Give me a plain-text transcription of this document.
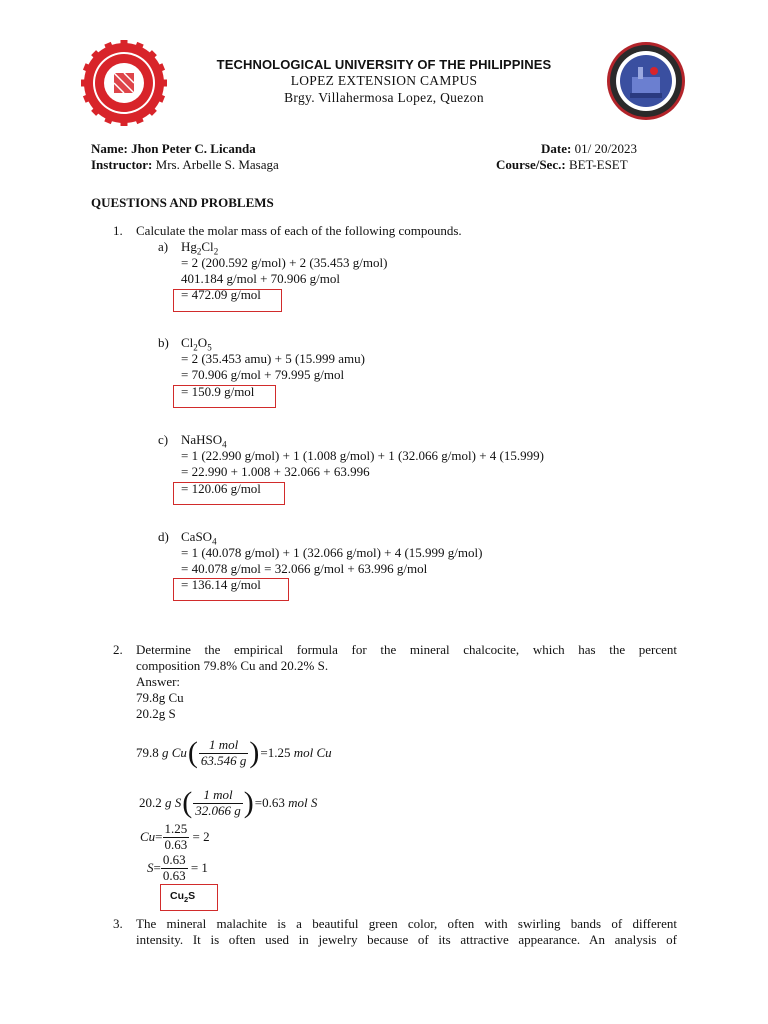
TECHNOLOGICAL UNIVERSITY OF THE PHILIPPINES
LOPEZ EXTENSION CAMPUS
Brgy. Villahermosa Lopez, Quezon
Name: Jhon Peter C. Licanda
Instructor: Mrs. Arbelle S. Masaga
Date: 01/ 20/2023
Course/Sec.: BET-ESET
QUESTIONS AND PROBLEMS
1. Calculate the molar mass of each of the following compounds.
a) $Hg_2Cl_2$
= 2 (200.592 g/mol) + 2 (35.453 g/mol)
401.184 g/mol + 70.906 g/mol
= 472.09 g/mol
b) $Cl_2O_5$
= 2 (35.453 amu) + 5 (15.999 amu)
= 70.906 g/mol + 79.995 g/mol
= 150.9 g/mol
c) NaHSO$_4$
= 1 (22.990 g/mol) + 1 (1.008 g/mol) + 1 (32.066 g/mol) + 4 (15.999)
= 22.990 + 1.008 + 32.066 + 63.996
= 120.06 g/mol
d) CaSO$_4$
= 1 (40.078 g/mol) + 1 (32.066 g/mol) + 4 (15.999 g/mol)
= 40.078 g/mol = 32.066 g/mol + 63.996 g/mol
= 136.14 g/mol
2. Determine the empirical formula for the mineral chalcocite, which has the percent
composition 79.8% Cu and 20.2% S.
Answer:
79.8g Cu
20.2g S
79.8
g
Cu ( $\frac{\text{1 mol}}{63.546 g}$ ) =1.25
mol Cu
20.2
g
S ( $\frac{\text{1 mol}}{32.066 g}$ ) =0.63
mol S
$Cu = \frac{1.25}{0.63}$
= 2
$S = \frac{0.63}{0.63}$
= 1
$Cu_2S$
3. The mineral malachite is a beautiful green color, often with swirling bands of different
intensity. It is often used in jewelry because of its attractive appearance. An analysis of
